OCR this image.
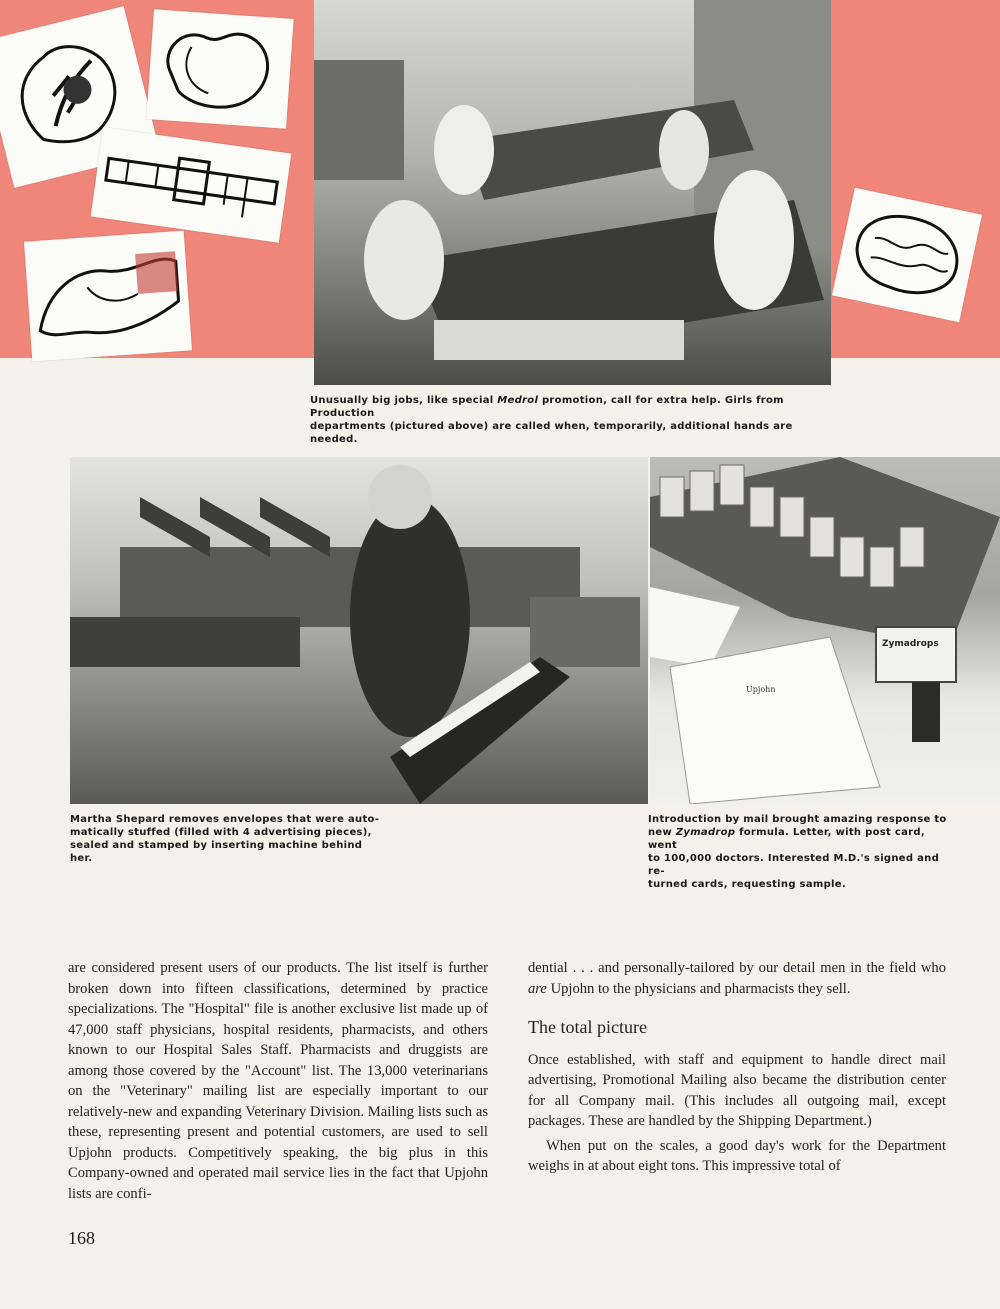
Unusually big jobs, like special Medrol promotion, call for extra help. Girls from Production
departments (pictured above) are called when, temporarily, additional hands are needed.
Zymadrops
Upjohn
Martha Shepard removes envelopes that were auto-
matically stuffed (filled with 4 advertising pieces),
sealed and stamped by inserting machine behind her.
Introduction by mail brought amazing response to
new Zymadrop formula. Letter, with post card, went
to 100,000 doctors. Interested M.D.'s signed and re-
turned cards, requesting sample.

are considered present users of our products. The list itself is further broken down into fifteen classifications, determined by practice specializations. The "Hospital" file is another exclusive list made up of 47,000 staff physicians, hospital residents, pharmacists, and others known to our Hospital Sales Staff. Pharmacists and druggists are among those covered by the "Account" list. The 13,000 veterinarians on the "Veterinary" mailing list are especially important to our relatively-new and expanding Veterinary Division. Mailing lists such as these, representing present and potential customers, are used to sell Upjohn products. Competitively speaking, the big plus in this Company-owned and operated mail service lies in the fact that Upjohn lists are confi-

dential . . . and personally-tailored by our detail men in the field who are Upjohn to the physicians and pharmacists they sell.

The total picture

Once established, with staff and equipment to handle direct mail advertising, Promotional Mailing also became the distribution center for all Company mail. (This includes all outgoing mail, except packages. These are handled by the Shipping Department.)

When put on the scales, a good day's work for the Department weighs in at about eight tons. This impressive total of

168
